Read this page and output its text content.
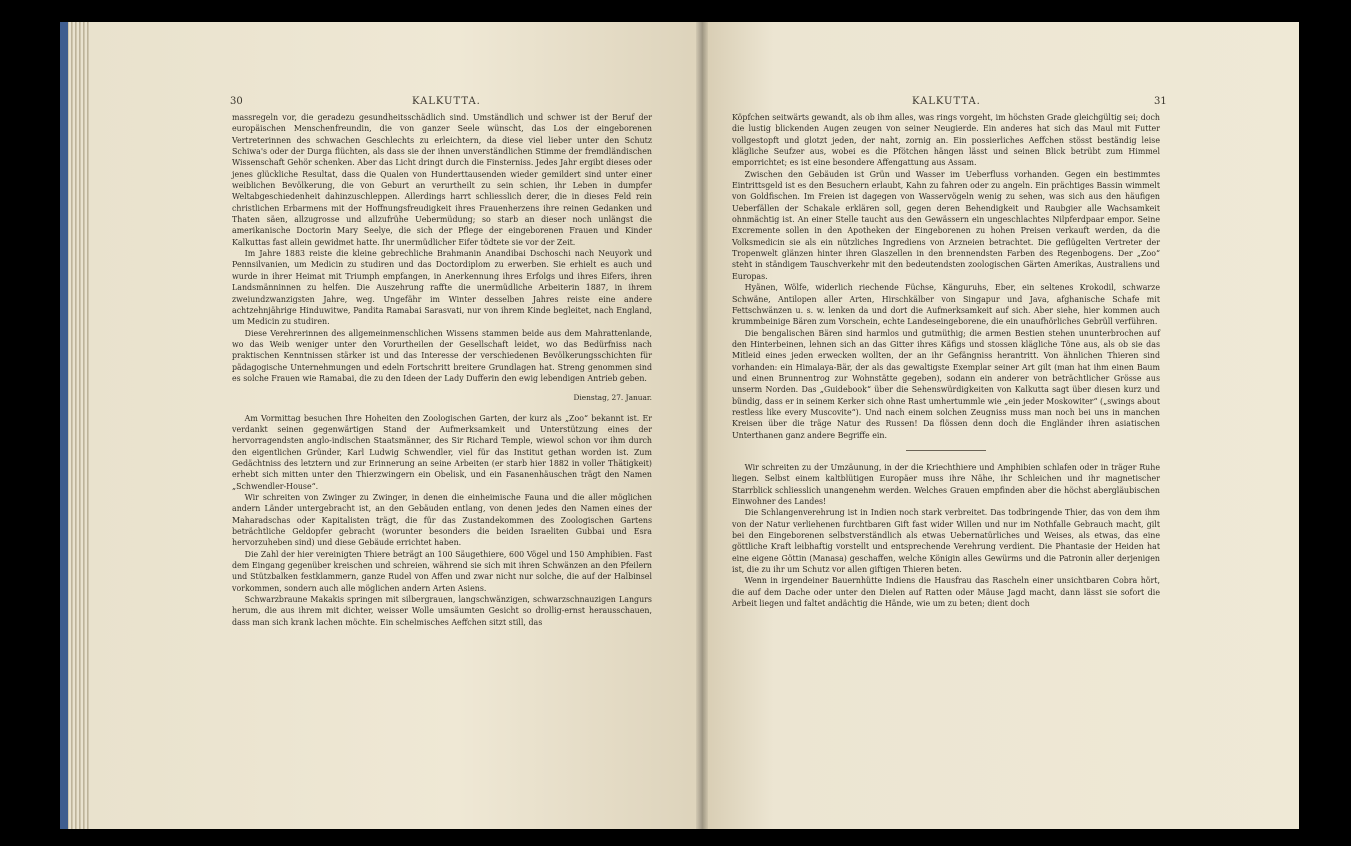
30	KALKUTTA.

massregeln vor, die geradezu gesundheitsschädlich sind. Umständlich und schwer ist der Beruf der europäischen Menschenfreundin, die von ganzer Seele wünscht, das Los der eingeborenen Vertreterinnen des schwachen Geschlechts zu erleichtern, da diese viel lieber unter den Schutz Schiwa's oder der Durga flüchten, als dass sie der ihnen unverständlichen Stimme der fremdländischen Wissenschaft Gehör schenken. Aber das Licht dringt durch die Finsterniss. Jedes Jahr ergibt dieses oder jenes glückliche Resultat, dass die Qualen von Hunderttausenden wieder gemildert sind unter einer weiblichen Bevölkerung, die von Geburt an verurtheilt zu sein schien, ihr Leben in dumpfer Weltabgeschiedenheit dahinzuschleppen. Allerdings harrt schliesslich derer, die in dieses Feld rein christlichen Erbarmens mit der Hoffnungsfreudigkeit ihres Frauenherzens ihre reinen Gedanken und Thaten säen, allzugrosse und allzufrühe Uebermüdung; so starb an dieser noch unlängst die amerikanische Doctorin Mary Seelye, die sich der Pflege der eingeborenen Frauen und Kinder Kalkuttas fast allein gewidmet hatte. Ihr unermüdlicher Eifer tödtete sie vor der Zeit.

Im Jahre 1883 reiste die kleine gebrechliche Brahmanin Anandibai Dschoschi nach Neuyork und Pennsilvanien, um Medicin zu studiren und das Doctordiplom zu erwerben. Sie erhielt es auch und wurde in ihrer Heimat mit Triumph empfangen, in Anerkennung ihres Erfolgs und ihres Eifers, ihren Landsmänninnen zu helfen. Die Auszehrung raffte die unermüdliche Arbeiterin 1887, in ihrem zweiundzwanzigsten Jahre, weg. Ungefähr im Winter desselben Jahres reiste eine andere achtzehnjährige Hinduwitwe, Pandita Ramabai Sarasvati, nur von ihrem Kinde begleitet, nach England, um Medicin zu studiren.

Diese Verehrerinnen des allgemeinmenschlichen Wissens stammen beide aus dem Mahrattenlande, wo das Weib weniger unter den Vorurtheilen der Gesellschaft leidet, wo das Bedürfniss nach praktischen Kenntnissen stärker ist und das Interesse der verschiedenen Bevölkerungsschichten für pädagogische Unternehmungen und edeln Fortschritt breitere Grundlagen hat. Streng genommen sind es solche Frauen wie Ramabai, die zu den Ideen der Lady Dufferin den ewig lebendigen Antrieb geben.

Dienstag, 27. Januar.

Am Vormittag besuchen Ihre Hoheiten den Zoologischen Garten, der kurz als „Zoo“ bekannt ist. Er verdankt seinen gegenwärtigen Stand der Aufmerksamkeit und Unterstützung eines der hervorragendsten anglo-indischen Staatsmänner, des Sir Richard Temple, wiewol schon vor ihm durch den eigentlichen Gründer, Karl Ludwig Schwendler, viel für das Institut gethan worden ist. Zum Gedächtniss des letztern und zur Erinnerung an seine Arbeiten (er starb hier 1882 in voller Thätigkeit) erhebt sich mitten unter den Thierzwingern ein Obelisk, und ein Fasanenhäuschen trägt den Namen „Schwendler-House“.

Wir schreiten von Zwinger zu Zwinger, in denen die einheimische Fauna und die aller möglichen andern Länder untergebracht ist, an den Gebäuden entlang, von denen jedes den Namen eines der Maharadschas oder Kapitalisten trägt, die für das Zustandekommen des Zoologischen Gartens beträchtliche Geldopfer gebracht (worunter besonders die beiden Israeliten Gubbai und Esra hervorzuheben sind) und diese Gebäude errichtet haben.

Die Zahl der hier vereinigten Thiere beträgt an 100 Säugethiere, 600 Vögel und 150 Amphibien. Fast dem Eingang gegenüber kreischen und schreien, während sie sich mit ihren Schwänzen an den Pfeilern und Stützbalken festklammern, ganze Rudel von Affen und zwar nicht nur solche, die auf der Halbinsel vorkommen, sondern auch alle möglichen andern Arten Asiens.

Schwarzbraune Makakis springen mit silbergrauen, langschwänzigen, schwarzschnauzigen Langurs herum, die aus ihrem mit dichter, weisser Wolle umsäumten Gesicht so drollig-ernst herausschauen, dass man sich krank lachen möchte. Ein schelmisches Aeffchen sitzt still, das

KALKUTTA.	31

Köpfchen seitwärts gewandt, als ob ihm alles, was rings vorgeht, im höchsten Grade gleichgültig sei; doch die lustig blickenden Augen zeugen von seiner Neugierde. Ein anderes hat sich das Maul mit Futter vollgestopft und glotzt jeden, der naht, zornig an. Ein possierliches Aeffchen stösst beständig leise klägliche Seufzer aus, wobei es die Pfötchen hängen lässt und seinen Blick betrübt zum Himmel emporrichtet; es ist eine besondere Affengattung aus Assam.

Zwischen den Gebäuden ist Grün und Wasser im Ueberfluss vorhanden. Gegen ein bestimmtes Eintrittsgeld ist es den Besuchern erlaubt, Kahn zu fahren oder zu angeln. Ein prächtiges Bassin wimmelt von Goldfischen. Im Freien ist dagegen von Wasservögeln wenig zu sehen, was sich aus den häufigen Ueberfällen der Schakale erklären soll, gegen deren Behendigkeit und Raubgier alle Wachsamkeit ohnmächtig ist. An einer Stelle taucht aus den Gewässern ein ungeschlachtes Nilpferdpaar empor. Seine Excremente sollen in den Apotheken der Eingeborenen zu hohen Preisen verkauft werden, da die Volksmedicin sie als ein nützliches Ingrediens von Arzneien betrachtet. Die geflügelten Vertreter der Tropenwelt glänzen hinter ihren Glaszellen in den brennendsten Farben des Regenbogens. Der „Zoo“ steht in ständigem Tauschverkehr mit den bedeutendsten zoologischen Gärten Amerikas, Australiens und Europas.

Hyänen, Wölfe, widerlich riechende Füchse, Känguruhs, Eber, ein seltenes Krokodil, schwarze Schwäne, Antilopen aller Arten, Hirschkälber von Singapur und Java, afghanische Schafe mit Fettschwänzen u. s. w. lenken da und dort die Aufmerksamkeit auf sich. Aber siehe, hier kommen auch krummbeinige Bären zum Vorschein, echte Landeseingeborene, die ein unaufhörliches Gebrüll verführen.

Die bengalischen Bären sind harmlos und gutmüthig; die armen Bestien stehen ununterbrochen auf den Hinterbeinen, lehnen sich an das Gitter ihres Käfigs und stossen klägliche Töne aus, als ob sie das Mitleid eines jeden erwecken wollten, der an ihr Gefängniss herantritt. Von ähnlichen Thieren sind vorhanden: ein Himalaya-Bär, der als das gewaltigste Exemplar seiner Art gilt (man hat ihm einen Baum und einen Brunnentrog zur Wohnstätte gegeben), sodann ein anderer von beträchtlicher Grösse aus unserm Norden. Das „Guidebook“ über die Sehenswürdigkeiten von Kalkutta sagt über diesen kurz und bündig, dass er in seinem Kerker sich ohne Rast umhertummle wie „ein jeder Moskowiter“ („swings about restless like every Muscovite“). Und nach einem solchen Zeugniss muss man noch bei uns in manchen Kreisen über die träge Natur des Russen! Da flössen denn doch die Engländer ihren asiatischen Unterthanen ganz andere Begriffe ein.

Wir schreiten zu der Umzäunung, in der die Kriechthiere und Amphibien schlafen oder in träger Ruhe liegen. Selbst einem kaltblütigen Europäer muss ihre Nähe, ihr Schleichen und ihr magnetischer Starrblick schliesslich unangenehm werden. Welches Grauen empfinden aber die höchst abergläubischen Einwohner des Landes!

Die Schlangenverehrung ist in Indien noch stark verbreitet. Das todbringende Thier, das von dem ihm von der Natur verliehenen furchtbaren Gift fast wider Willen und nur im Nothfalle Gebrauch macht, gilt bei den Eingeborenen selbstverständlich als etwas Uebernatürliches und Weises, als etwas, das eine göttliche Kraft leibhaftig vorstellt und entsprechende Verehrung verdient. Die Phantasie der Heiden hat eine eigene Göttin (Manasa) geschaffen, welche Königin alles Gewürms und die Patronin aller derjenigen ist, die zu ihr um Schutz vor allen giftigen Thieren beten.

Wenn in irgendeiner Bauernhütte Indiens die Hausfrau das Rascheln einer unsichtbaren Cobra hört, die auf dem Dache oder unter den Dielen auf Ratten oder Mäuse Jagd macht, dann lässt sie sofort die Arbeit liegen und faltet andächtig die Hände, wie um zu beten; dient doch
